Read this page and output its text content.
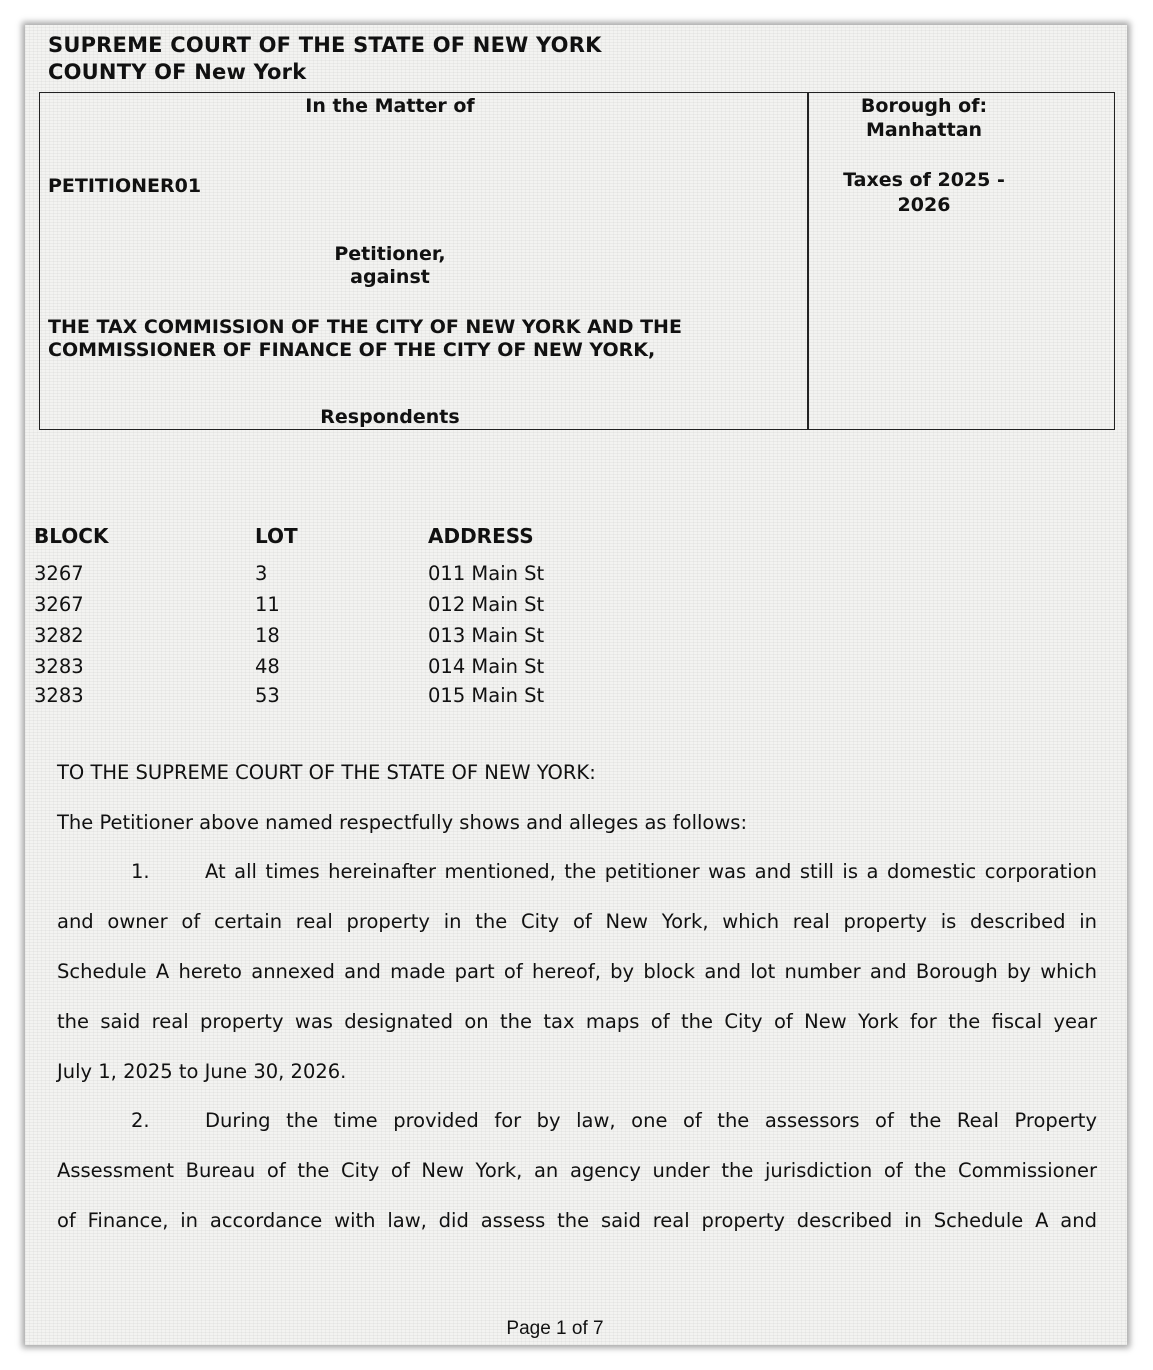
SUPREME COURT OF THE STATE OF NEW YORK
COUNTY OF New York
In the Matter of
PETITIONER01
Petitioner,
against
THE TAX COMMISSION OF THE CITY OF NEW YORK AND THE
COMMISSIONER OF FINANCE OF THE CITY OF NEW YORK,
Respondents
Borough of:
Manhattan
Taxes of 2025 -
2026
BLOCK	LOT	ADDRESS
3267	3	011 Main St
3267	11	012 Main St
3282	18	013 Main St
3283	48	014 Main St
3283	53	015 Main St
TO THE SUPREME COURT OF THE STATE OF NEW YORK:
The Petitioner above named respectfully shows and alleges as follows:
1.	At all times hereinafter mentioned, the petitioner was and still is a domestic corporation
and owner of certain real property in the City of New York, which real property is described in
Schedule A hereto annexed and made part of hereof, by block and lot number and Borough by which
the said real property was designated on the tax maps of the City of New York for the fiscal year
July 1, 2025 to June 30, 2026.
2.	During the time provided for by law, one of the assessors of the Real Property
Assessment Bureau of the City of New York, an agency under the jurisdiction of the Commissioner
of Finance, in accordance with law, did assess the said real property described in Schedule A and
Page 1 of 7
